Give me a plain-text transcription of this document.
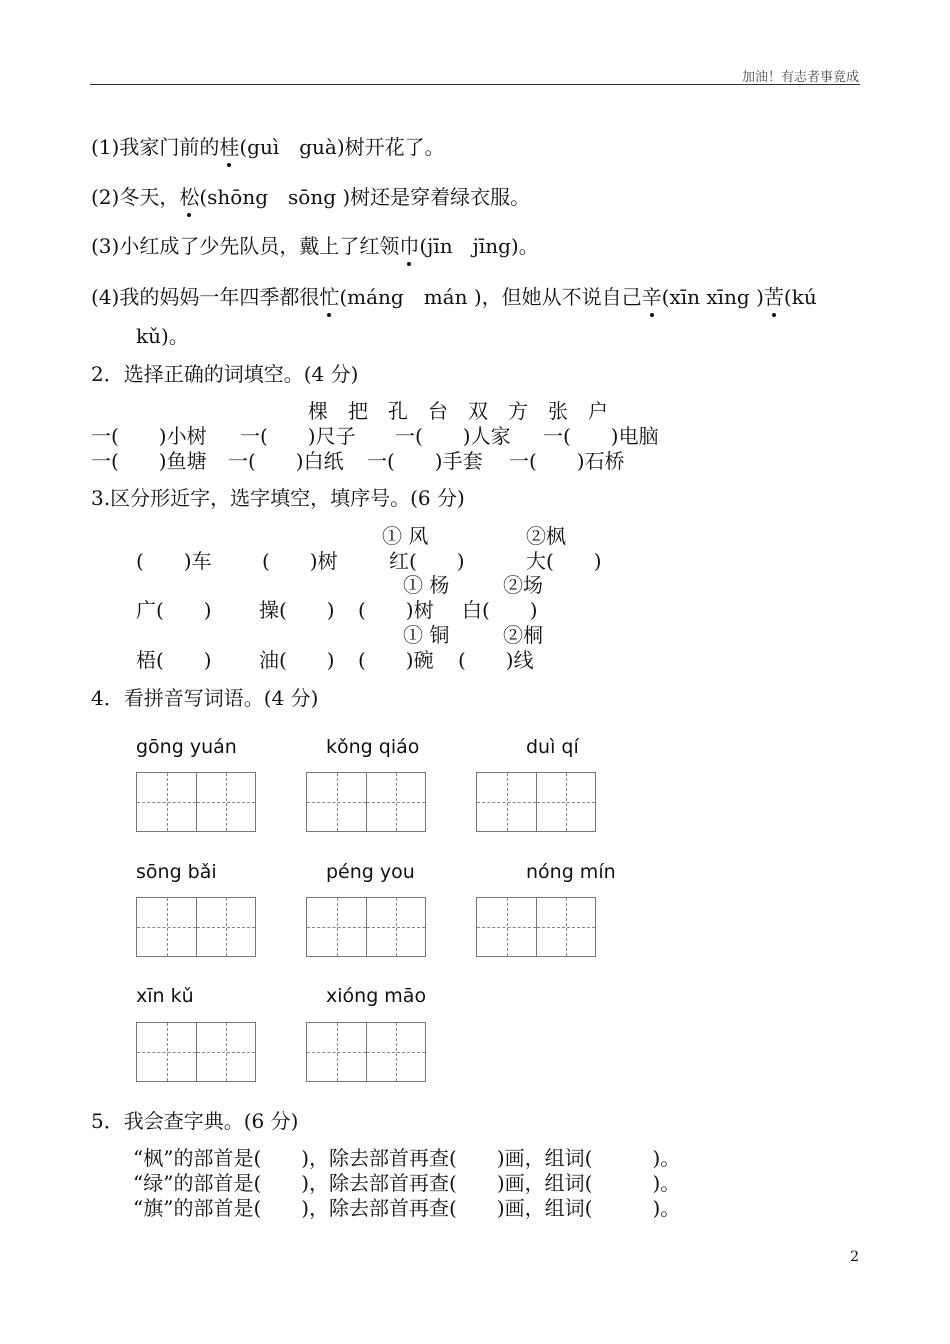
加油！有志者事竟成
(1)我家门前的桂(guì　guà)树开花了。
(2)冬天，松(shōng　sōng )树还是穿着绿衣服。
(3)小红成了少先队员，戴上了红领巾(jīn　jīng)。
(4)我的妈妈一年四季都很忙(máng　mán )，但她从不说自己辛(xīn xīng )苦(kú
kǔ)。
2．选择正确的词填空。(4 分)
棵　把　孔　台　双　方　张　户
一(　　)小树 一(　　)尺子 一(　　)人家 一(　　)电脑
一(　　)鱼塘 一(　　)白纸 一(　　)手套 一(　　)石桥
3.区分形近字，选字填空，填序号。(6 分)
① 风	②枫
(　　)车	(　　)树	红(　　)	大(　　)
① 杨	②场
广(　　) 操(　　) (　　)树 白(　　)
① 铜	②桐
梧(　　) 油(　　) (　　)碗 (　　)线
4．看拼音写词语。(4 分)
gōng yuán	kǒng qiáo	duì qí
sōng bǎi	péng you	nóng mín
xīn kǔ	xióng māo
5．我会查字典。(6 分)
“枫”的部首是(　　)，除去部首再查(　　)画，组词(　　　)。
“绿”的部首是(　　)，除去部首再查(　　)画，组词(　　　)。
“旗”的部首是(　　)，除去部首再查(　　)画，组词(　　　)。
2
